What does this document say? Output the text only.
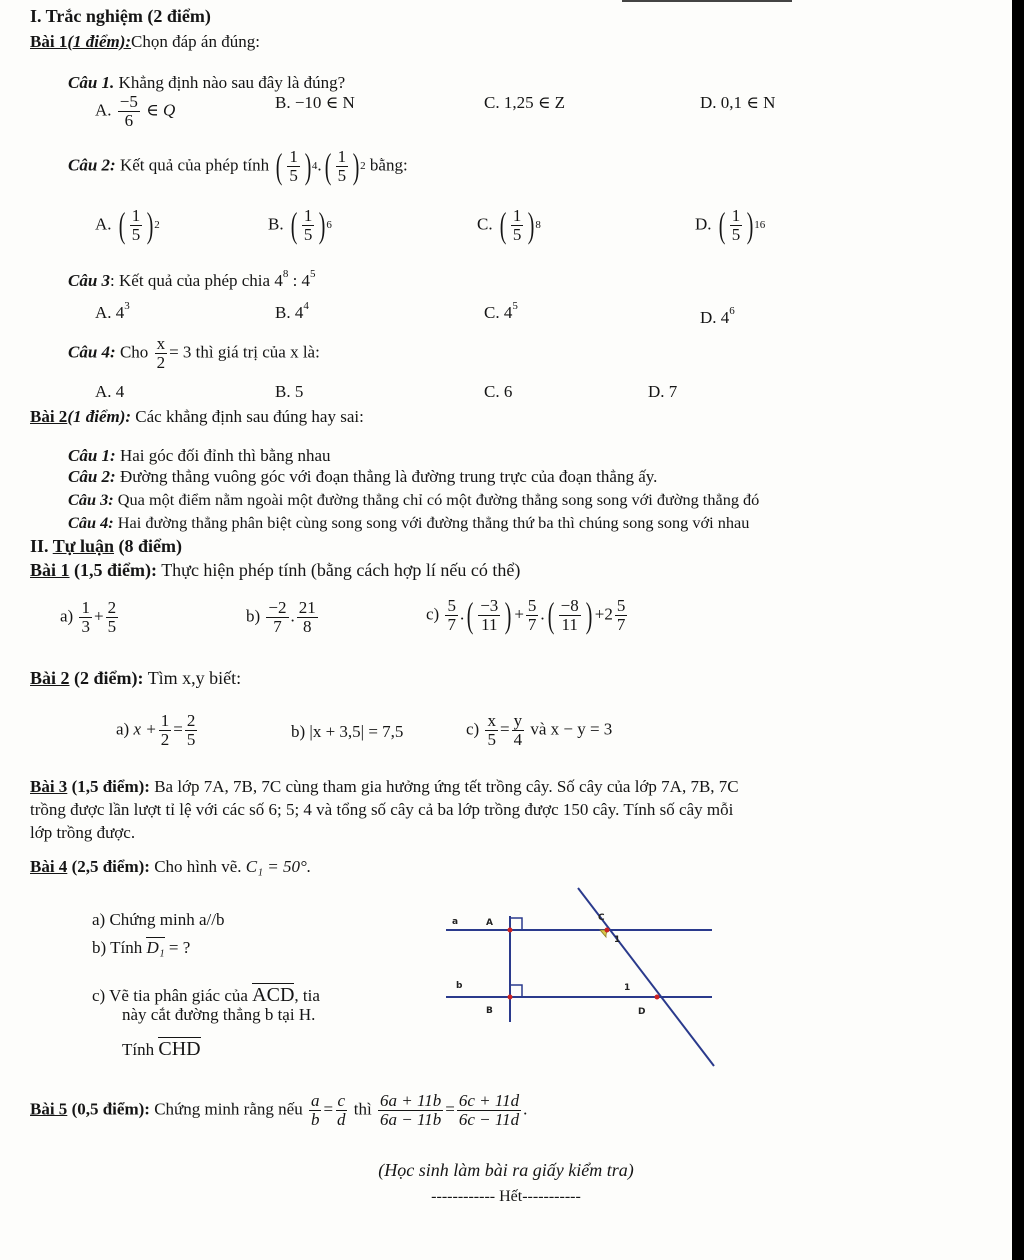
I. Trắc nghiệm (2 điểm)
Bài 1(1 điểm):Chọn đáp án đúng:
Câu 1. Khẳng định nào sau đây là đúng?
A. $\frac{-5}{6}$ ∈ Q	B. −10 ∈ N	C. 1,25 ∈ Z	D. 0,1 ∈ N
Câu 2: Kết quả của phép tính ( $\frac{1}{5}$ ) 4 . ( $\frac{1}{5}$ ) 2 bằng:
A. ( $\frac{1}{5}$ ) 2	B. ( $\frac{1}{5}$ ) 6	C. ( $\frac{1}{5}$ ) 8	D. ( $\frac{1}{5}$ ) 16
Câu 3: Kết quả của phép chia $4^8$ : $4^5$
A. $4^3$	B. $4^4$	C. $4^5$
D. $4^6$
Câu 4: Cho $\frac{x}{2} = 3$ thì giá trị của x là:
A. 4	B. 5	C. 6	D. 7
Bài 2(1 điểm): Các khẳng định sau đúng hay sai:
Câu 1: Hai góc đối đỉnh thì bằng nhau
Câu 2: Đường thẳng vuông góc với đoạn thẳng là đường trung trực của đoạn thẳng ấy.
Câu 3: Qua một điểm nằm ngoài một đường thẳng chỉ có một đường thẳng song song với đường thẳng đó
Câu 4: Hai đường thẳng phân biệt cùng song song với đường thẳng thứ ba thì chúng song song với nhau
II. Tự luận (8 điểm)
Bài 1 (1,5 điểm): Thực hiện phép tính (bằng cách hợp lí nếu có thể)
$a) \frac{1}{3} + \frac{2}{5}$	$b) \frac{-2}{7}$ . $\frac{21}{8}$	$c) \frac{5}{7}$ . ( $\frac{-3}{11}$ ) + $\frac{5}{7}$ . ( $\frac{-8}{11}$ ) $+2 \frac{5}{7}$
Bài 2 (2 điểm): Tìm x,y biết:
a) $x + \frac{1}{2} = \frac{2}{5}$	b) |x + 3,5| = 7,5	$c) \frac{x}{5} = \frac{y}{4}$ và x − y = 3
Bài 3 (1,5 điểm): Ba lớp 7A, 7B, 7C cùng tham gia hưởng ứng tết trồng cây. Số cây của lớp 7A, 7B, 7C
trồng được lần lượt tỉ lệ với các số 6; 5; 4 và tổng số cây cả ba lớp trồng được 150 cây. Tính số cây mỗi
lớp trồng được.
Bài 4 (2,5 điểm): Cho hình vẽ. C₁ = 50°.
a) Chứng minh a//b
b) Tính D₁ = ?
c) Vẽ tia phân giác của ACD, tia
này cắt đường thẳng b tại H.
Tính CHD
a
b
A
B
C
D
1
1
Bài 5 (0,5 điểm): Chứng minh rằng nếu $\frac{a}{b} = \frac{c}{d}$ thì $\frac{6a + 11b}{6a - 11b} = \frac{6c + 11d}{6c - 11d}$ .
(Học sinh làm bài ra giấy kiểm tra)
------------ Hết-----------
